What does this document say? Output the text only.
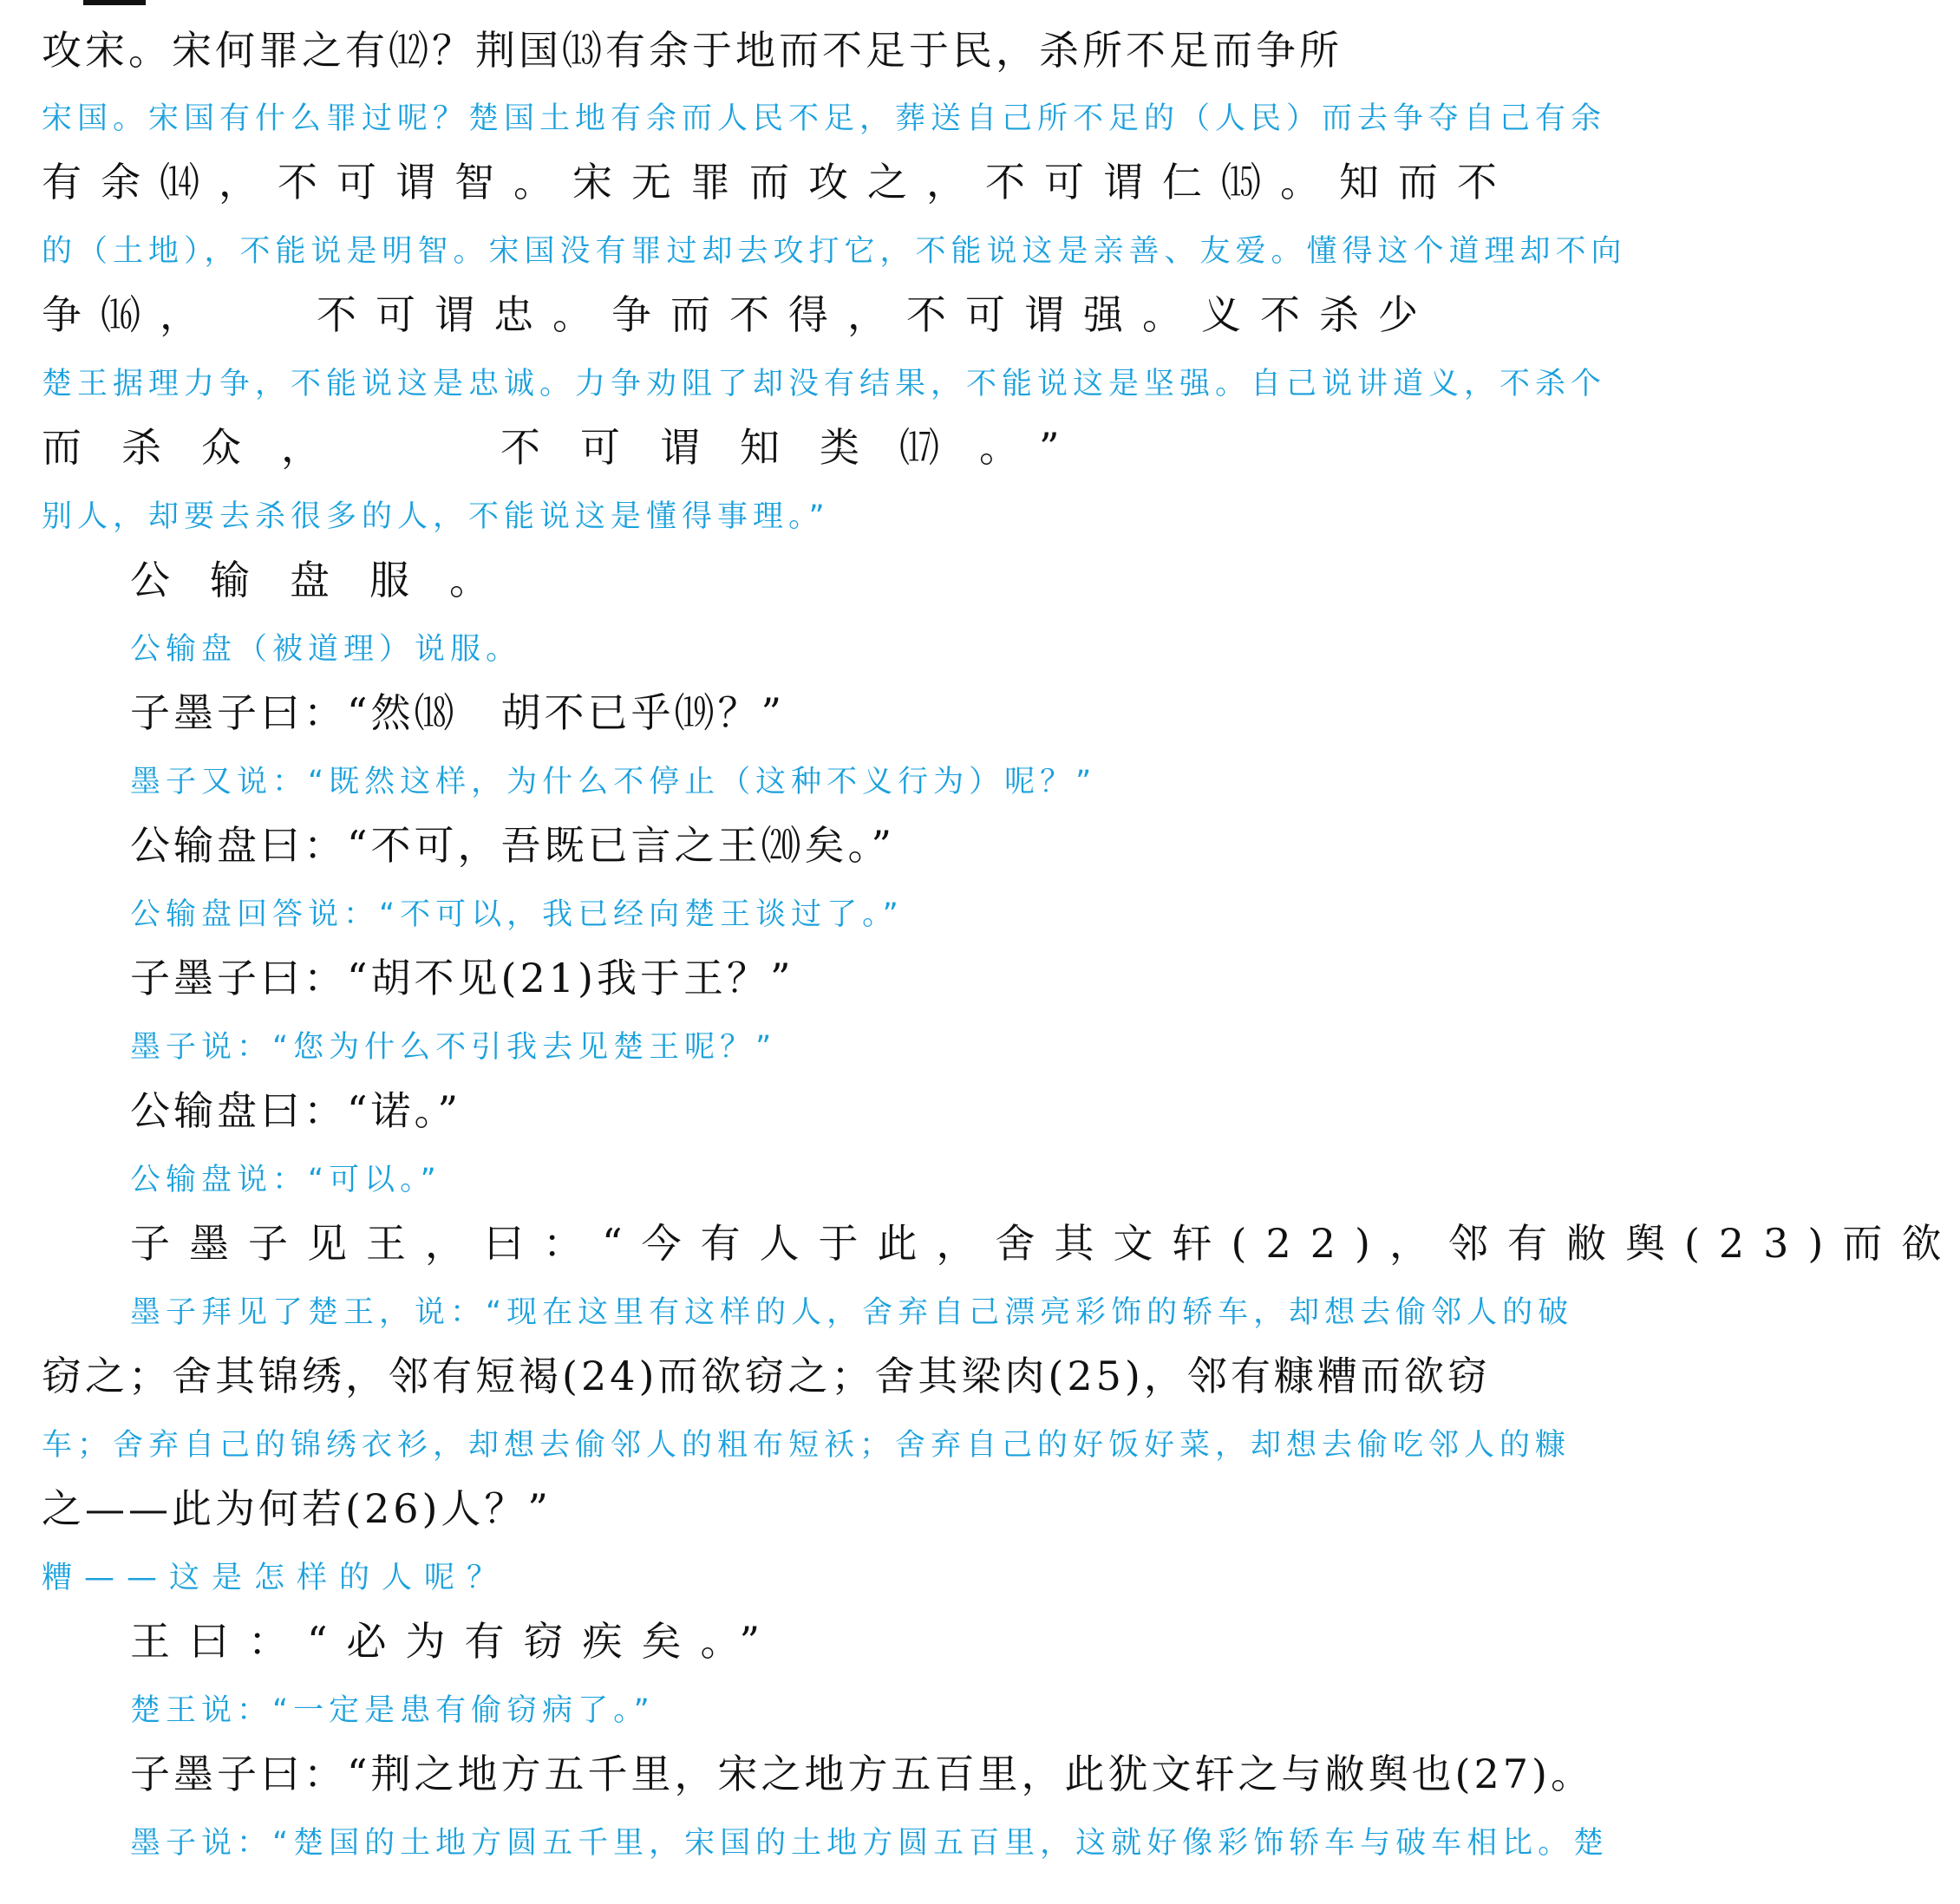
攻宋。宋何罪之有⑿？荆国⒀有余于地而不足于民，杀所不足而争所
宋国。宋国有什么罪过呢？楚国土地有余而人民不足，葬送自己所不足的（人民）而去争夺自己有余
有余⒁，不可谓智。宋无罪而攻之，不可谓仁⒂。知而不
的（土地），不能说是明智。宋国没有罪过却去攻打它，不能说这是亲善、友爱。懂得这个道理却不向
争⒃，　　不可谓忠。争而不得，不可谓强。义不杀少
楚王据理力争，不能说这是忠诚。力争劝阻了却没有结果，不能说这是坚强。自己说讲道义，不杀个
而杀众，　　不可谓知类⒄。”
别人，却要去杀很多的人，不能说这是懂得事理。”
公输盘服。
公输盘（被道理）说服。
子墨子曰：“然⒅　胡不已乎⒆？”
墨子又说：“既然这样，为什么不停止（这种不义行为）呢？”
公输盘曰：“不可，吾既已言之王⒇矣。”
公输盘回答说：“不可以，我已经向楚王谈过了。”
子墨子曰：“胡不见(21)我于王？”
墨子说：“您为什么不引我去见楚王呢？”
公输盘曰：“诺。”
公输盘说：“可以。”
子墨子见王，曰：“今有人于此，舍其文轩(22)，邻有敝舆(23)而欲
墨子拜见了楚王，说：“现在这里有这样的人，舍弃自己漂亮彩饰的轿车，却想去偷邻人的破
窃之；舍其锦绣，邻有短褐(24)而欲窃之；舍其梁肉(25)，邻有糠糟而欲窃
车；舍弃自己的锦绣衣衫，却想去偷邻人的粗布短袄；舍弃自己的好饭好菜，却想去偷吃邻人的糠
之——此为何若(26)人？”
糟——这是怎样的人呢？
王曰：“必为有窃疾矣。”
楚王说：“一定是患有偷窃病了。”
子墨子曰：“荆之地方五千里，宋之地方五百里，此犹文轩之与敝舆也(27)。
墨子说：“楚国的土地方圆五千里，宋国的土地方圆五百里，这就好像彩饰轿车与破车相比。楚
